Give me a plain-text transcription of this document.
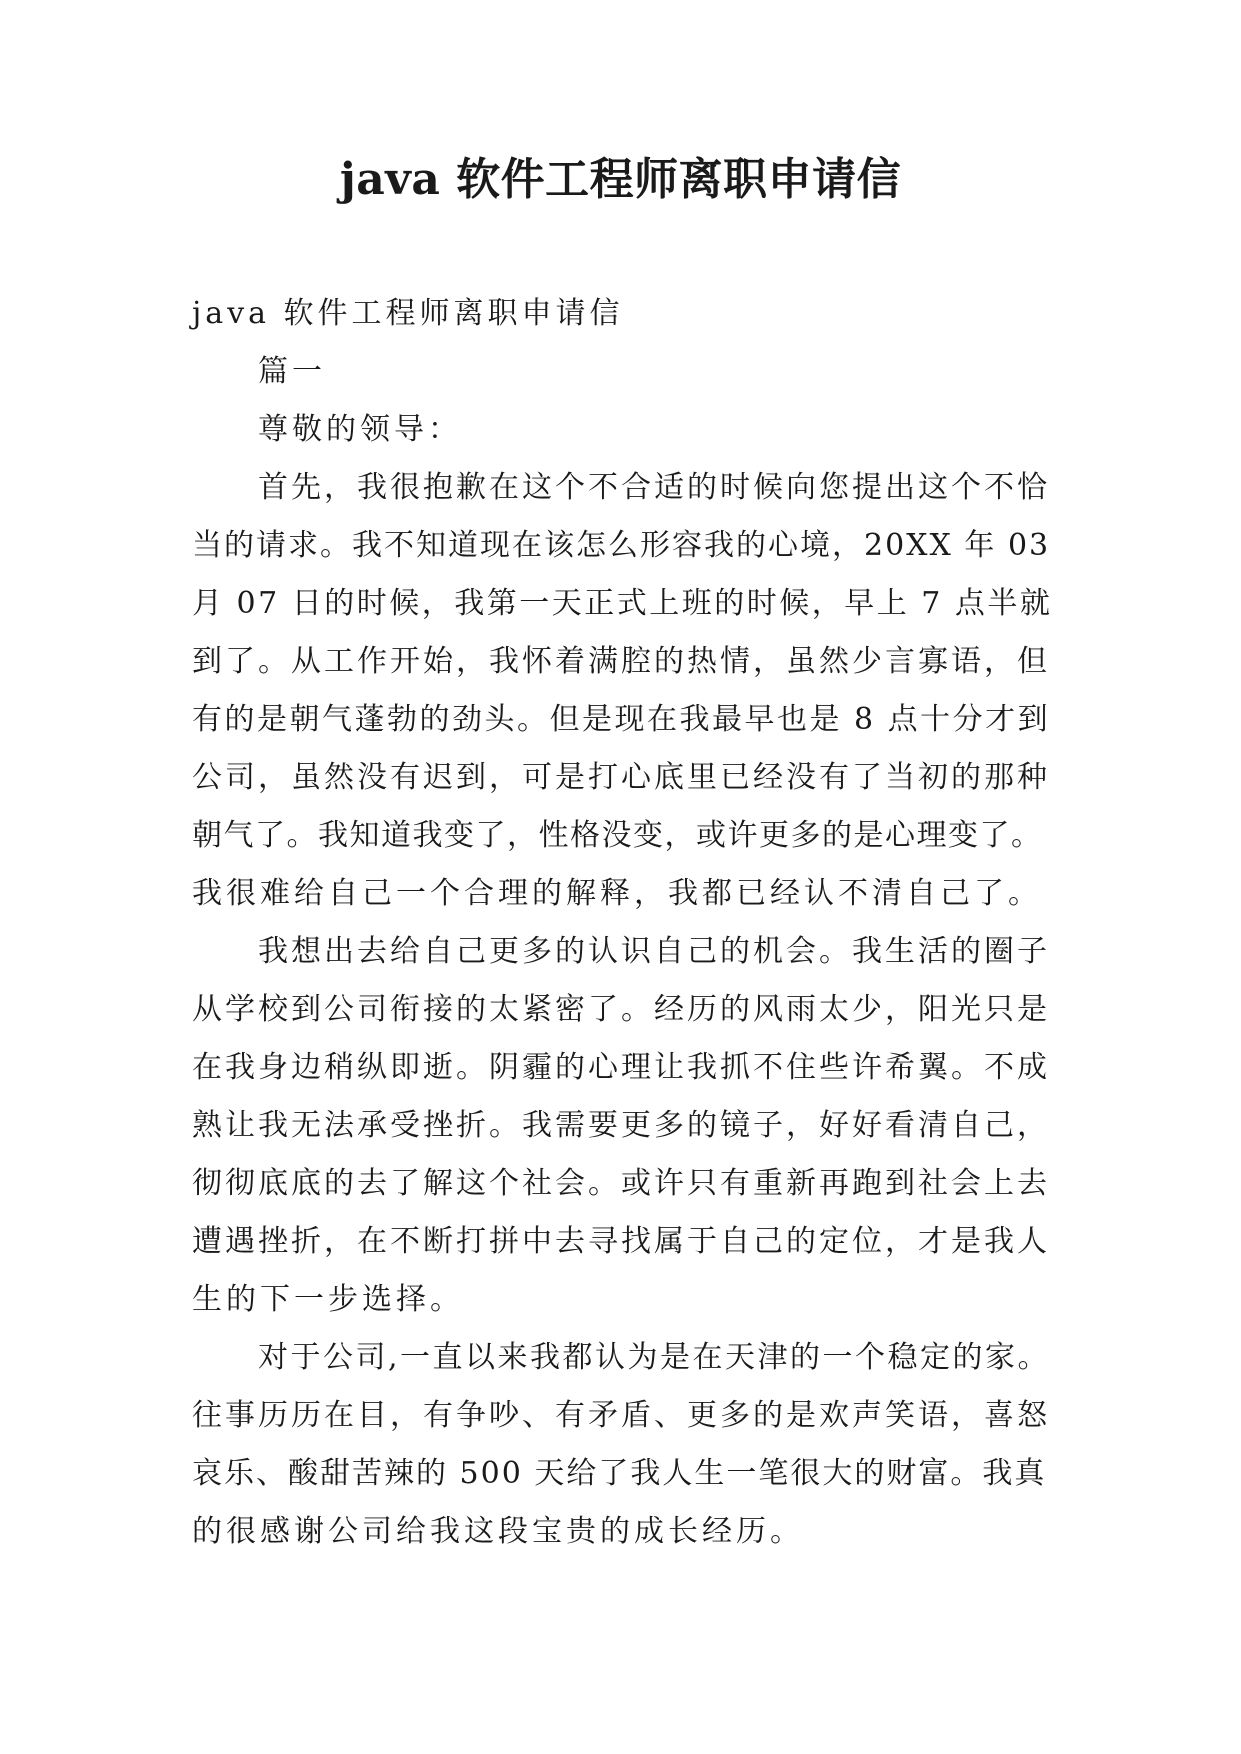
java 软件工程师离职申请信

java 软件工程师离职申请信

篇一

尊敬的领导：

首先，我很抱歉在这个不合适的时候向您提出这个不恰

当的请求。我不知道现在该怎么形容我的心境，20XX 年 03

月 07 日的时候，我第一天正式上班的时候，早上 7 点半就

到了。从工作开始，我怀着满腔的热情，虽然少言寡语，但

有的是朝气蓬勃的劲头。但是现在我最早也是 8 点十分才到

公司，虽然没有迟到，可是打心底里已经没有了当初的那种

朝气了。我知道我变了，性格没变，或许更多的是心理变了。

我很难给自己一个合理的解释，我都已经认不清自己了。

我想出去给自己更多的认识自己的机会。我生活的圈子

从学校到公司衔接的太紧密了。经历的风雨太少，阳光只是

在我身边稍纵即逝。阴霾的心理让我抓不住些许希翼。不成

熟让我无法承受挫折。我需要更多的镜子，好好看清自己，

彻彻底底的去了解这个社会。或许只有重新再跑到社会上去

遭遇挫折，在不断打拼中去寻找属于自己的定位，才是我人

生的下一步选择。

对于公司,一直以来我都认为是在天津的一个稳定的家。

往事历历在目，有争吵、有矛盾、更多的是欢声笑语，喜怒

哀乐、酸甜苦辣的 500 天给了我人生一笔很大的财富。我真

的很感谢公司给我这段宝贵的成长经历。
